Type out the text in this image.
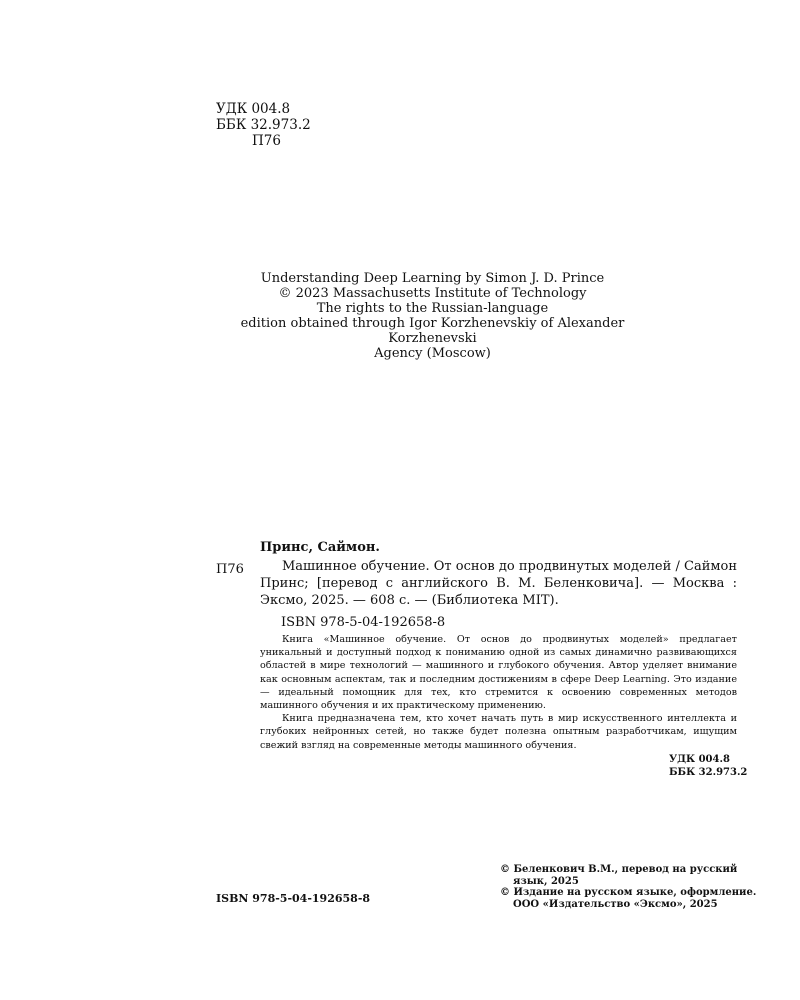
УДК 004.8
ББК 32.973.2
П76
Understanding Deep Learning by Simon J. D. Prince
© 2023 Massachusetts Institute of Technology
The rights to the Russian-language
edition obtained through Igor Korzhenevskiy of Alexander Korzhenevski
Agency (Moscow)
Принс, Саймон.
П76	Машинное обучение. От основ до продвинутых моделей / Саймон Принс; [перевод с английского В. М. Беленковича]. — Москва : Эксмо, 2025. — 608 с. — (Библиотека MIT).
ISBN 978-5-04-192658-8

Книга «Машинное обучение. От основ до продвинутых моделей» предлагает уникальный и доступный подход к пониманию одной из самых динамично развивающихся областей в мире технологий — машинного и глубокого обучения. Автор уделяет внимание как основным аспектам, так и последним достижениям в сфере Deep Learning. Это издание — идеальный помощник для тех, кто стремится к освоению современных методов машинного обучения и их практическому применению.

Книга предназначена тем, кто хочет начать путь в мир искусственного интеллекта и глубоких нейронных сетей, но также будет полезна опытным разработчикам, ищущим свежий взгляд на современные методы машинного обучения.

УДК 004.8
ББК 32.973.2
ISBN 978-5-04-192658-8
© Беленкович В.М., перевод на русский язык, 2025
© Издание на русском языке, оформление. ООО «Издательство «Эксмо», 2025
